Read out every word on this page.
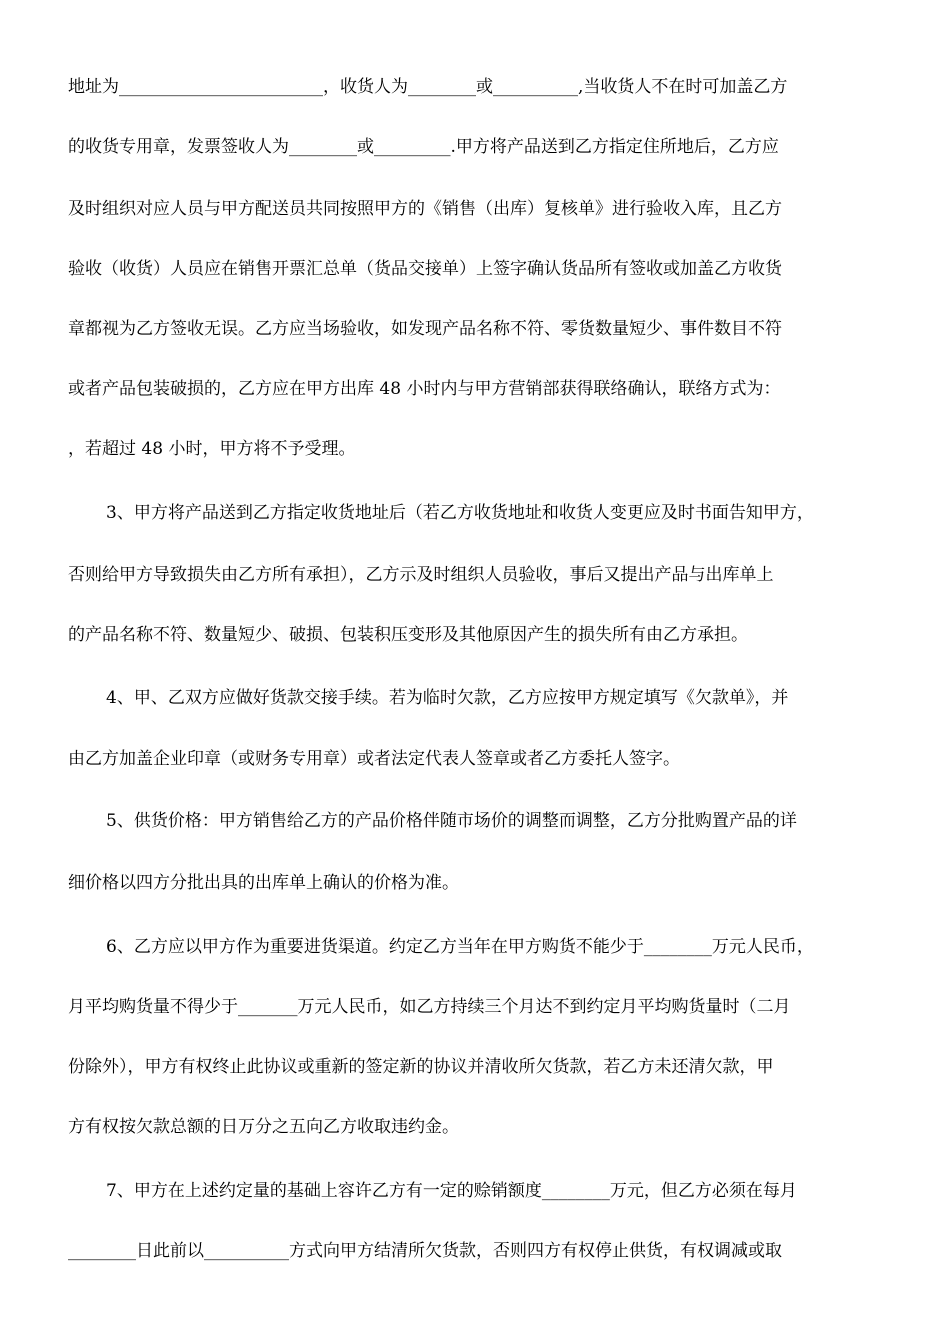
地址为________________________，收货人为________或__________,当收货人不在时可加盖乙方
的收货专用章，发票签收人为________或_________.甲方将产品送到乙方指定住所地后，乙方应
及时组织对应人员与甲方配送员共同按照甲方的《销售（出库）复核单》进行验收入库，且乙方
验收（收货）人员应在销售开票汇总单（货品交接单）上签字确认货品所有签收或加盖乙方收货
章都视为乙方签收无误。乙方应当场验收，如发现产品名称不符、零货数量短少、事件数目不符
或者产品包装破损的，乙方应在甲方出库 48 小时内与甲方营销部获得联络确认，联络方式为：
，若超过 48 小时，甲方将不予受理。
3、甲方将产品送到乙方指定收货地址后（若乙方收货地址和收货人变更应及时书面告知甲方，
否则给甲方导致损失由乙方所有承担），乙方示及时组织人员验收，事后又提出产品与出库单上
的产品名称不符、数量短少、破损、包装积压变形及其他原因产生的损失所有由乙方承担。
4、甲、乙双方应做好货款交接手续。若为临时欠款，乙方应按甲方规定填写《欠款单》，并
由乙方加盖企业印章（或财务专用章）或者法定代表人签章或者乙方委托人签字。
5、供货价格：甲方销售给乙方的产品价格伴随市场价的调整而调整，乙方分批购置产品的详
细价格以四方分批出具的出库单上确认的价格为准。
6、乙方应以甲方作为重要进货渠道。约定乙方当年在甲方购货不能少于________万元人民币，
月平均购货量不得少于_______万元人民币，如乙方持续三个月达不到约定月平均购货量时（二月
份除外），甲方有权终止此协议或重新的签定新的协议并清收所欠货款，若乙方未还清欠款，甲
方有权按欠款总额的日万分之五向乙方收取违约金。
7、甲方在上述约定量的基础上容许乙方有一定的赊销额度________万元，但乙方必须在每月
________日此前以__________方式向甲方结清所欠货款，否则四方有权停止供货，有权调减或取
